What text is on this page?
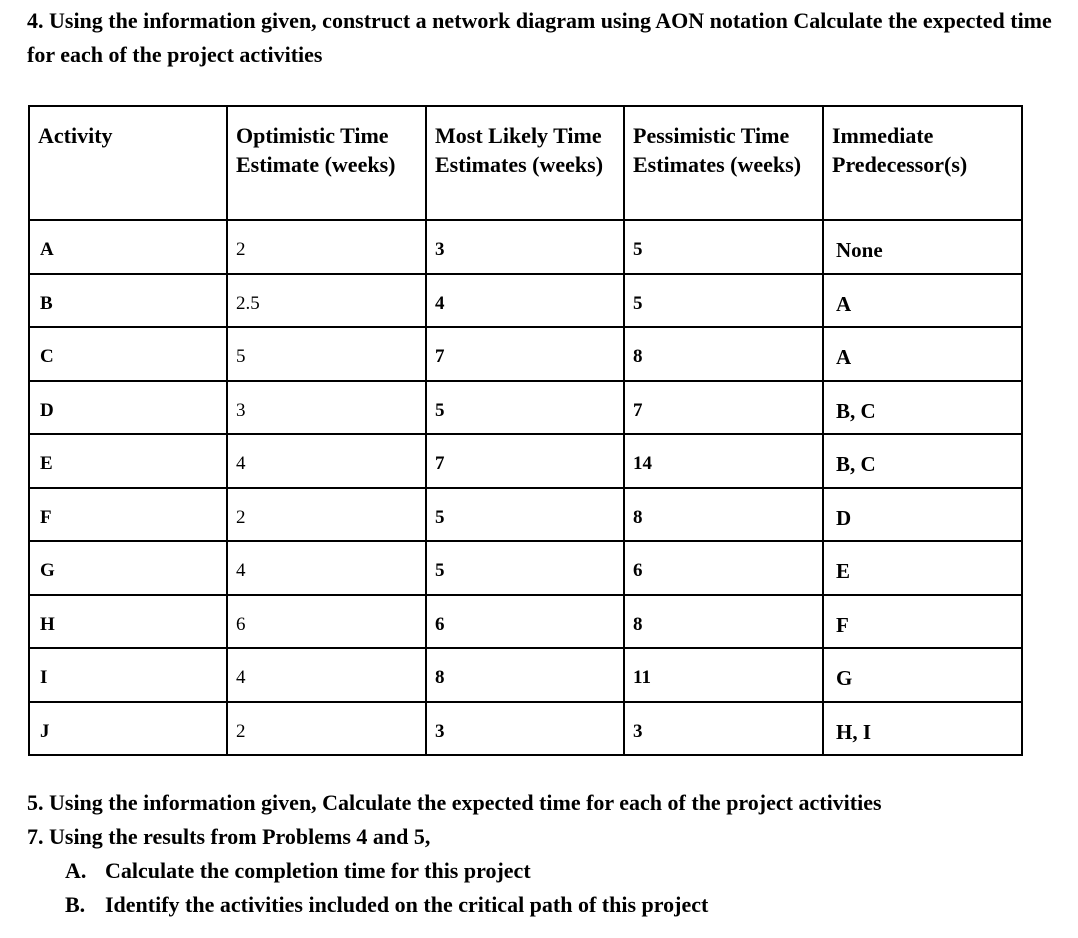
4. Using the information given, construct a network diagram using AON notation Calculate the expected time for each of the project activities

Activity	Optimistic Time Estimate (weeks)	Most Likely Time Estimates (weeks)	Pessimistic Time Estimates (weeks)	Immediate Predecessor(s)
A	2	3	5	None
B	2.5	4	5	A
C	5	7	8	A
D	3	5	7	B, C
E	4	7	14	B, C
F	2	5	8	D
G	4	5	6	E
H	6	6	8	F
I	4	8	11	G
J	2	3	3	H, I

5. Using the information given, Calculate the expected time for each of the project activities

7. Using the results from Problems 4 and 5,

A. Calculate the completion time for this project
B. Identify the activities included on the critical path of this project
